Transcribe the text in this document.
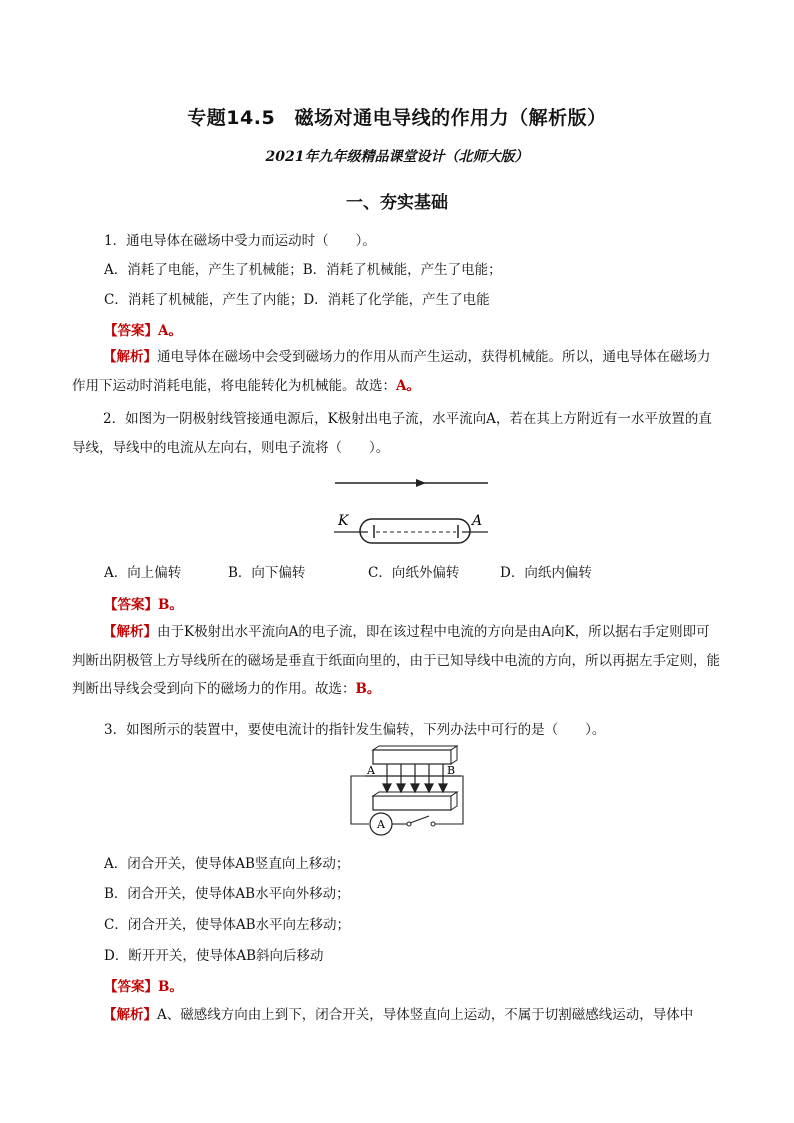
专题14.5　磁场对通电导线的作用力（解析版）
2021年九年级精品课堂设计（北师大版）
一、夯实基础
1．通电导体在磁场中受力而运动时（　　）。
A．消耗了电能，产生了机械能；B．消耗了机械能，产生了电能；
C．消耗了机械能，产生了内能；D．消耗了化学能，产生了电能
【答案】A。
【解析】通电导体在磁场中会受到磁场力的作用从而产生运动，获得机械能。所以，通电导体在磁场力作用下运动时消耗电能，将电能转化为机械能。故选：A。
2．如图为一阴极射线管接通电源后，K极射出电子流，水平流向A，若在其上方附近有一水平放置的直导线，导线中的电流从左向右，则电子流将（　　）。
K	A
A．向上偏转	B．向下偏转	C．向纸外偏转	D．向纸内偏转
【答案】B。
【解析】由于K极射出水平流向A的电子流，即在该过程中电流的方向是由A向K，所以据右手定则即可判断出阴极管上方导线所在的磁场是垂直于纸面向里的，由于已知导线中电流的方向，所以再据左手定则，能判断出导线会受到向下的磁场力的作用。故选：B。
3．如图所示的装置中，要使电流计的指针发生偏转，下列办法中可行的是（　　）。
A	B
A
A．闭合开关，使导体AB竖直向上移动；
B．闭合开关，使导体AB水平向外移动；
C．闭合开关，使导体AB水平向左移动；
D．断开开关，使导体AB斜向后移动
【答案】B。
【解析】A、磁感线方向由上到下，闭合开关，导体竖直向上运动，不属于切割磁感线运动，导体中
